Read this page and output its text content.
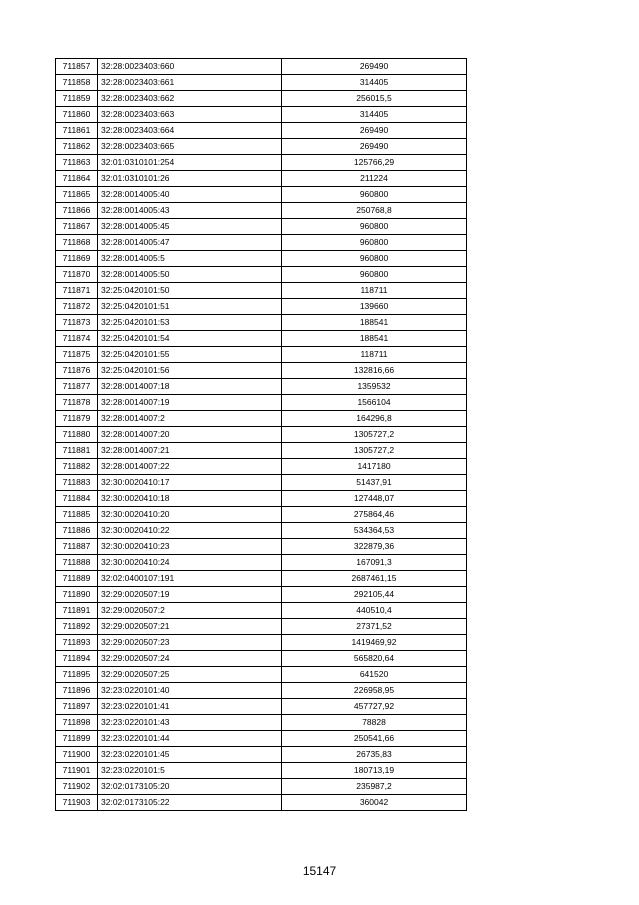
711857	32:28:0023403:660	269490
711858	32:28:0023403:661	314405
711859	32:28:0023403:662	256015,5
711860	32:28:0023403:663	314405
711861	32:28:0023403:664	269490
711862	32:28:0023403:665	269490
711863	32:01:0310101:254	125766,29
711864	32:01:0310101:26	211224
711865	32:28:0014005:40	960800
711866	32:28:0014005:43	250768,8
711867	32:28:0014005:45	960800
711868	32:28:0014005:47	960800
711869	32:28:0014005:5	960800
711870	32:28:0014005:50	960800
711871	32:25:0420101:50	118711
711872	32:25:0420101:51	139660
711873	32:25:0420101:53	188541
711874	32:25:0420101:54	188541
711875	32:25:0420101:55	118711
711876	32:25:0420101:56	132816,66
711877	32:28:0014007:18	1359532
711878	32:28:0014007:19	1566104
711879	32:28:0014007:2	164296,8
711880	32:28:0014007:20	1305727,2
711881	32:28:0014007:21	1305727,2
711882	32:28:0014007:22	1417180
711883	32:30:0020410:17	51437,91
711884	32:30:0020410:18	127448,07
711885	32:30:0020410:20	275864,46
711886	32:30:0020410:22	534364,53
711887	32:30:0020410:23	322879,36
711888	32:30:0020410:24	167091,3
711889	32:02:0400107:191	2687461,15
711890	32:29:0020507:19	292105,44
711891	32:29:0020507:2	440510,4
711892	32:29:0020507:21	27371,52
711893	32:29:0020507:23	1419469,92
711894	32:29:0020507:24	565820,64
711895	32:29:0020507:25	641520
711896	32:23:0220101:40	226958,95
711897	32:23:0220101:41	457727,92
711898	32:23:0220101:43	78828
711899	32:23:0220101:44	250541,66
711900	32:23:0220101:45	26735,83
711901	32:23:0220101:5	180713,19
711902	32:02:0173105:20	235987,2
711903	32:02:0173105:22	360042
15147
